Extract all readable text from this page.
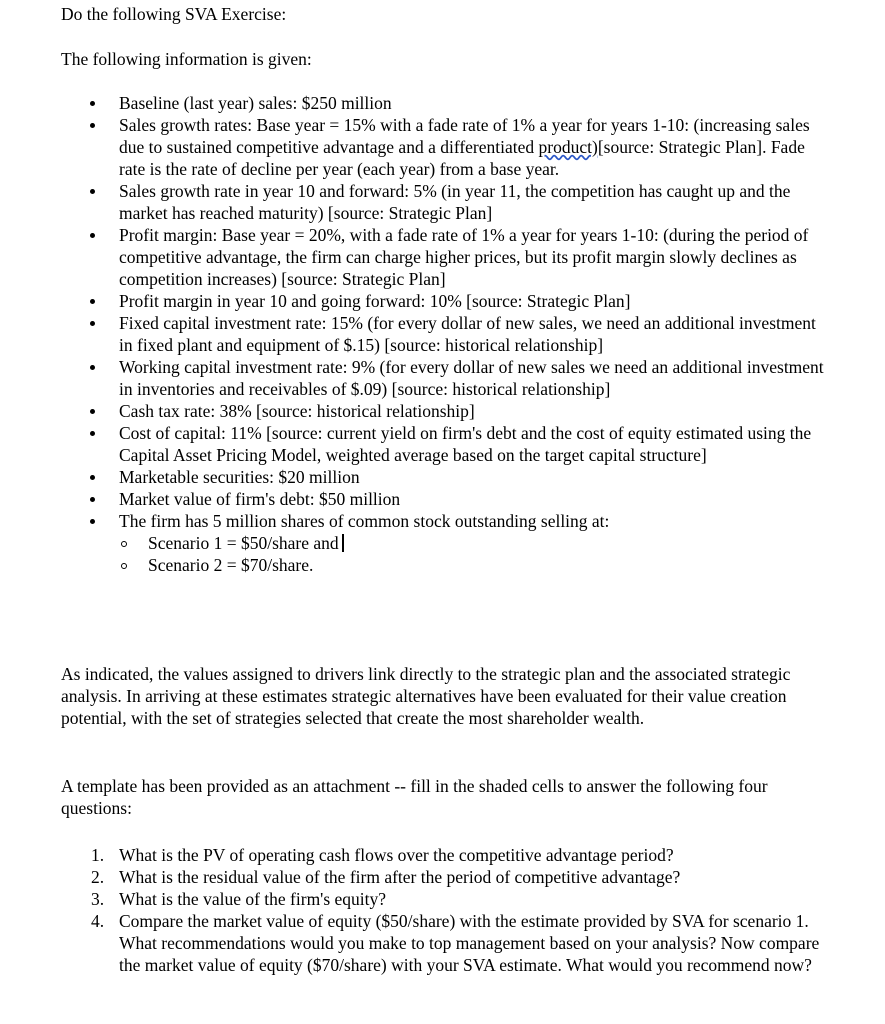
Do the following SVA Exercise:

The following information is given:

Baseline (last year) sales: $250 million
Sales growth rates: Base year = 15% with a fade rate of 1% a year for years 1-10: (increasing sales due to sustained competitive advantage and a differentiated product)[source: Strategic Plan]. Fade rate is the rate of decline per year (each year) from a base year.
Sales growth rate in year 10 and forward: 5% (in year 11, the competition has caught up and the market has reached maturity) [source: Strategic Plan]
Profit margin: Base year = 20%, with a fade rate of 1% a year for years 1-10: (during the period of competitive advantage, the firm can charge higher prices, but its profit margin slowly declines as competition increases) [source: Strategic Plan]
Profit margin in year 10 and going forward: 10% [source: Strategic Plan]
Fixed capital investment rate: 15% (for every dollar of new sales, we need an additional investment in fixed plant and equipment of $.15) [source: historical relationship]
Working capital investment rate: 9% (for every dollar of new sales we need an additional investment in inventories and receivables of $.09) [source: historical relationship]
Cash tax rate: 38% [source: historical relationship]
Cost of capital: 11% [source: current yield on firm's debt and the cost of equity estimated using the Capital Asset Pricing Model, weighted average based on the target capital structure]
Marketable securities: $20 million
Market value of firm's debt: $50 million
The firm has 5 million shares of common stock outstanding selling at:
Scenario 1 = $50/share and
Scenario 2 = $70/share.

As indicated, the values assigned to drivers link directly to the strategic plan and the associated strategic analysis. In arriving at these estimates strategic alternatives have been evaluated for their value creation potential, with the set of strategies selected that create the most shareholder wealth.

A template has been provided as an attachment -- fill in the shaded cells to answer the following four questions:

1. What is the PV of operating cash flows over the competitive advantage period?
2. What is the residual value of the firm after the period of competitive advantage?
3. What is the value of the firm's equity?
4. Compare the market value of equity ($50/share) with the estimate provided by SVA for scenario 1. What recommendations would you make to top management based on your analysis? Now compare the market value of equity ($70/share) with your SVA estimate. What would you recommend now?
